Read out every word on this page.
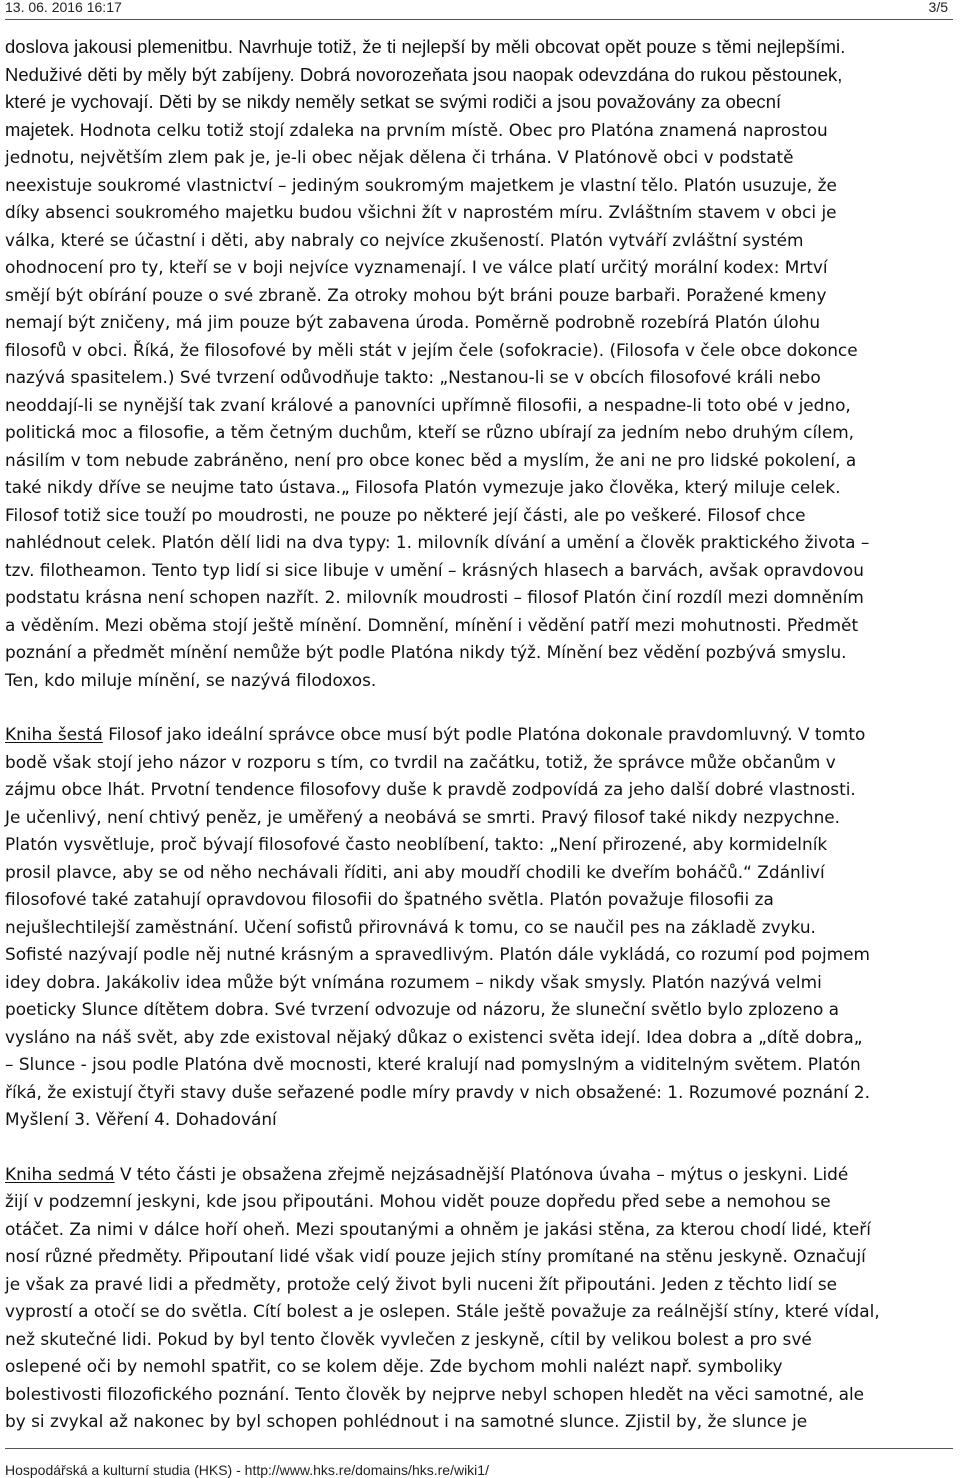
13. 06. 2016 16:17	3/5

doslova jakousi plemenitbu. Navrhuje totiž, že ti nejlepší by měli obcovat opět pouze s těmi nejlepšími.
Neduživé děti by měly být zabíjeny. Dobrá novorozeňata jsou naopak odevzdána do rukou pěstounek,
které je vychovají. Děti by se nikdy neměly setkat se svými rodiči a jsou považovány za obecní
majetek. Hodnota celku totiž stojí zdaleka na prvním místě. Obec pro Platóna znamená naprostou
jednotu, největším zlem pak je, je-li obec nějak dělena či trhána. V Platónově obci v podstatě
neexistuje soukromé vlastnictví – jediným soukromým majetkem je vlastní tělo. Platón usuzuje, že
díky absenci soukromého majetku budou všichni žít v naprostém míru. Zvláštním stavem v obci je
válka, které se účastní i děti, aby nabraly co nejvíce zkušeností. Platón vytváří zvláštní systém
ohodnocení pro ty, kteří se v boji nejvíce vyznamenají. I ve válce platí určitý morální kodex: Mrtví
smějí být obírání pouze o své zbraně. Za otroky mohou být bráni pouze barbaři. Poražené kmeny
nemají být zničeny, má jim pouze být zabavena úroda. Poměrně podrobně rozebírá Platón úlohu
filosofů v obci. Říká, že filosofové by měli stát v jejím čele (sofokracie). (Filosofa v čele obce dokonce
nazývá spasitelem.) Své tvrzení odůvodňuje takto: „Nestanou-li se v obcích filosofové králi nebo
neoddají-li se nynější tak zvaní králové a panovníci upřímně filosofii, a nespadne-li toto obé v jedno,
politická moc a filosofie, a těm četným duchům, kteří se různo ubírají za jedním nebo druhým cílem,
násilím v tom nebude zabráněno, není pro obce konec běd a myslím, že ani ne pro lidské pokolení, a
také nikdy dříve se neujme tato ústava.„ Filosofa Platón vymezuje jako člověka, který miluje celek.
Filosof totiž sice touží po moudrosti, ne pouze po některé její části, ale po veškeré. Filosof chce
nahlédnout celek. Platón dělí lidi na dva typy: 1. milovník dívání a umění a člověk praktického života –
tzv. filotheamon. Tento typ lidí si sice libuje v umění – krásných hlasech a barvách, avšak opravdovou
podstatu krásna není schopen nazřít. 2. milovník moudrosti – filosof Platón činí rozdíl mezi domněním
a věděním. Mezi oběma stojí ještě mínění. Domnění, mínění i vědění patří mezi mohutnosti. Předmět
poznání a předmět mínění nemůže být podle Platóna nikdy týž. Mínění bez vědění pozbývá smyslu.
Ten, kdo miluje mínění, se nazývá filodoxos.

Kniha šestá Filosof jako ideální správce obce musí být podle Platóna dokonale pravdomluvný. V tomto
bodě však stojí jeho názor v rozporu s tím, co tvrdil na začátku, totiž, že správce může občanům v
zájmu obce lhát. Prvotní tendence filosofovy duše k pravdě zodpovídá za jeho další dobré vlastnosti.
Je učenlivý, není chtivý peněz, je uměřený a neobává se smrti. Pravý filosof také nikdy nezpychne.
Platón vysvětluje, proč bývají filosofové často neoblíbení, takto: „Není přirozené, aby kormidelník
prosil plavce, aby se od něho nechávali říditi, ani aby moudří chodili ke dveřím boháčů.“ Zdánliví
filosofové také zatahují opravdovou filosofii do špatného světla. Platón považuje filosofii za
nejušlechtilejší zaměstnání. Učení sofistů přirovnává k tomu, co se naučil pes na základě zvyku.
Sofisté nazývají podle něj nutné krásným a spravedlivým. Platón dále vykládá, co rozumí pod pojmem
idey dobra. Jakákoliv idea může být vnímána rozumem – nikdy však smysly. Platón nazývá velmi
poeticky Slunce dítětem dobra. Své tvrzení odvozuje od názoru, že sluneční světlo bylo zplozeno a
vysláno na náš svět, aby zde existoval nějaký důkaz o existenci světa idejí. Idea dobra a „dítě dobra„
– Slunce - jsou podle Platóna dvě mocnosti, které kralují nad pomyslným a viditelným světem. Platón
říká, že existují čtyři stavy duše seřazené podle míry pravdy v nich obsažené: 1. Rozumové poznání 2.
Myšlení 3. Věření 4. Dohadování

Kniha sedmá V této části je obsažena zřejmě nejzásadnější Platónova úvaha – mýtus o jeskyni. Lidé
žijí v podzemní jeskyni, kde jsou připoutáni. Mohou vidět pouze dopředu před sebe a nemohou se
otáčet. Za nimi v dálce hoří oheň. Mezi spoutanými a ohněm je jakási stěna, za kterou chodí lidé, kteří
nosí různé předměty. Připoutaní lidé však vidí pouze jejich stíny promítané na stěnu jeskyně. Označují
je však za pravé lidi a předměty, protože celý život byli nuceni žít připoutáni. Jeden z těchto lidí se
vyprostí a otočí se do světla. Cítí bolest a je oslepen. Stále ještě považuje za reálnější stíny, které vídal,
než skutečné lidi. Pokud by byl tento člověk vyvlečen z jeskyně, cítil by velikou bolest a pro své
oslepené oči by nemohl spatřit, co se kolem děje. Zde bychom mohli nalézt např. symboliky
bolestivosti filozofického poznání. Tento člověk by nejprve nebyl schopen hledět na věci samotné, ale
by si zvykal až nakonec by byl schopen pohlédnout i na samotné slunce. Zjistil by, že slunce je

Hospodářská a kulturní studia (HKS) - http://www.hks.re/domains/hks.re/wiki1/
